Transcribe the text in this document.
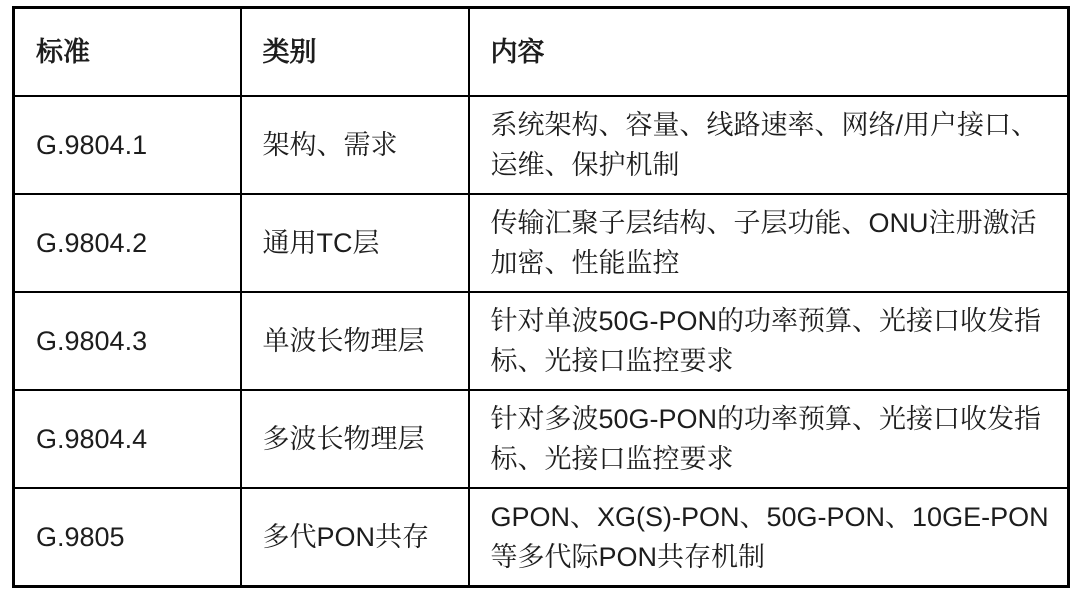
标准	类别	内容
G.9804.1	架构、需求	系统架构、容量、线路速率、网络/用户接口、运维、保护机制
G.9804.2	通用TC层	传输汇聚子层结构、子层功能、ONU注册激活加密、性能监控
G.9804.3	单波长物理层	针对单波50G-PON的功率预算、光接口收发指标、光接口监控要求
G.9804.4	多波长物理层	针对多波50G-PON的功率预算、光接口收发指标、光接口监控要求
G.9805	多代PON共存	GPON、XG(S)-PON、50G-PON、10GE-PON 等多代际PON共存机制
